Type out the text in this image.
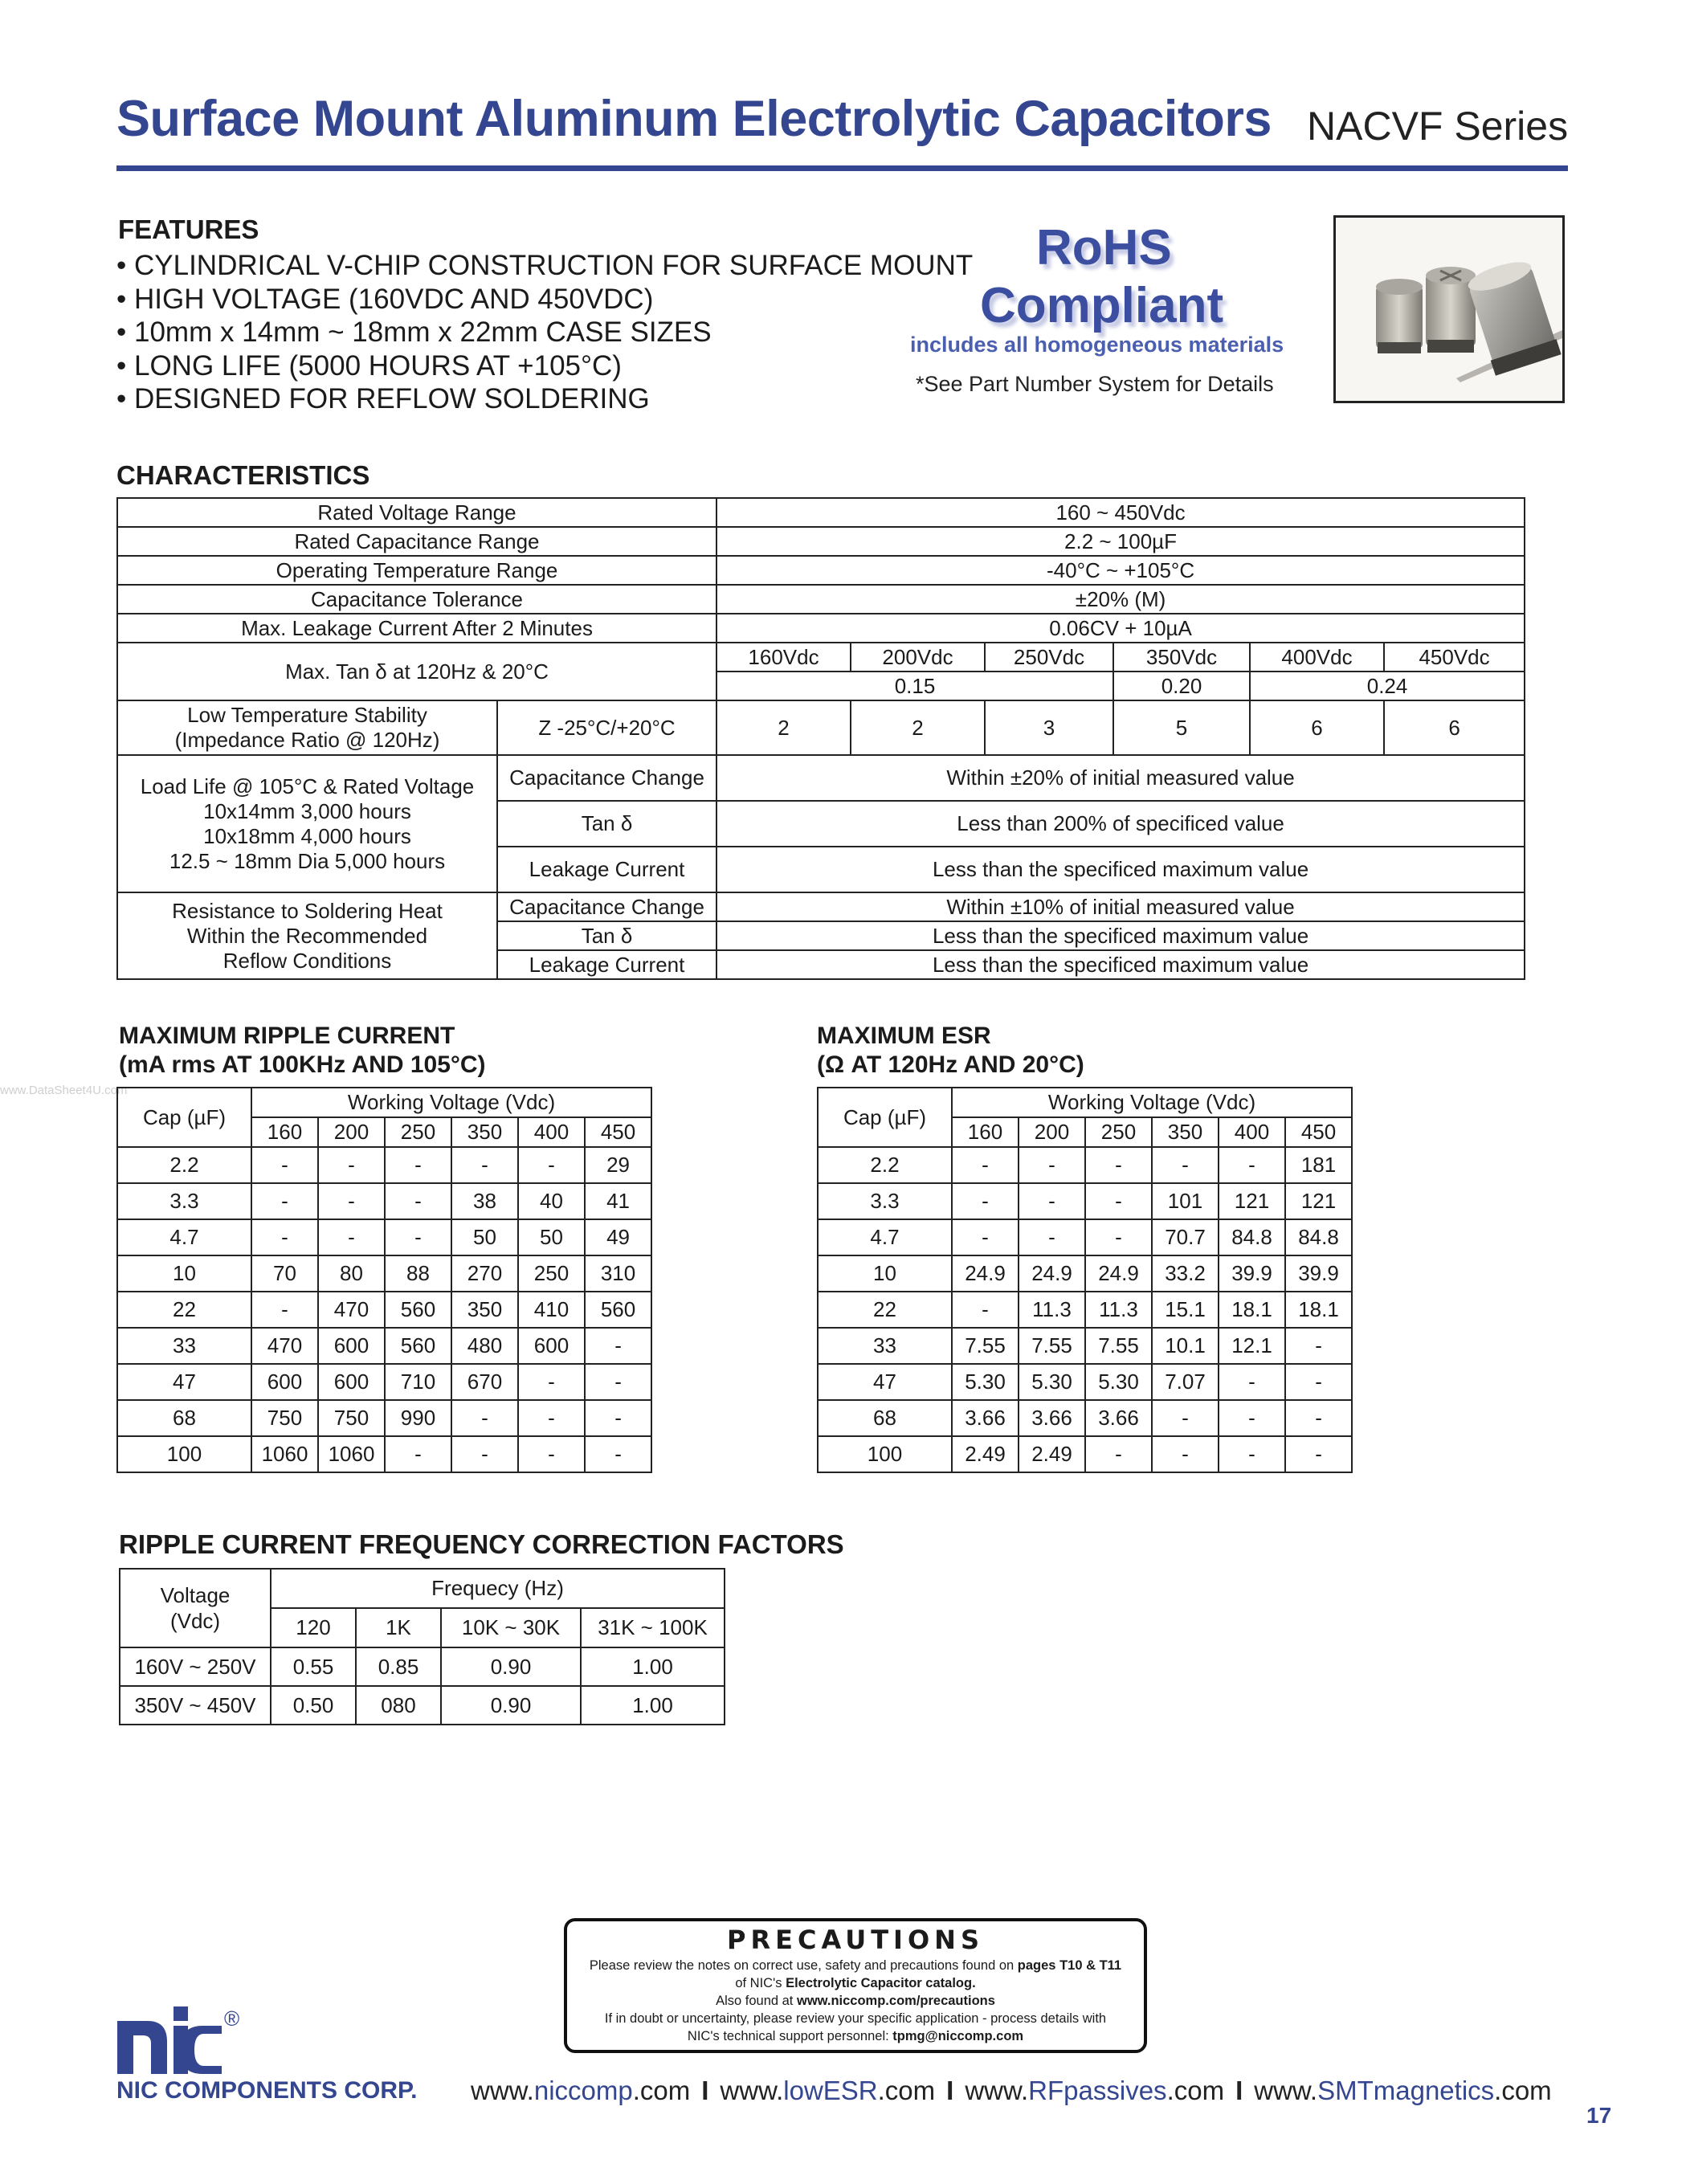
Surface Mount Aluminum Electrolytic Capacitors NACVF Series
FEATURES
• CYLINDRICAL V-CHIP CONSTRUCTION FOR SURFACE MOUNT
• HIGH VOLTAGE (160VDC AND 450VDC)
• 10mm x 14mm ~ 18mm x 22mm CASE SIZES
• LONG LIFE (5000 HOURS AT +105°C)
• DESIGNED FOR REFLOW SOLDERING
RoHS
Compliant
includes all homogeneous materials
*See Part Number System for Details
CHARACTERISTICS
Rated Voltage Range		160 ~ 450Vdc					
Rated Capacitance Range		2.2 ~ 100µF					
Operating Temperature Range		-40°C ~ +105°C					
Capacitance Tolerance		±20% (M)					
Max. Leakage Current After 2 Minutes		0.06CV + 10µA					
Max. Tan δ at 120Hz & 20°C		160Vdc	200Vdc	250Vdc	350Vdc	400Vdc	450Vdc
		0.15			0.20	0.24	

Low Temperature Stability
(Impedance Ratio @ 120Hz)	Z -25°C/+20°C	2	2	3	5	6	6

Load Life @ 105°C & Rated Voltage
10x14mm 3,000 hours
10x18mm 4,000 hours
12.5 ~ 18mm Dia 5,000 hours	Capacitance Change	Within ±20% of initial measured value					
	Tan δ	Less than 200% of specificed value					
	Leakage Current	Less than the specificed maximum value					

Resistance to Soldering Heat
Within the Recommended
Reflow Conditions	Capacitance Change	Within ±10% of initial measured value					
	Tan δ	Less than the specificed maximum value					
	Leakage Current	Less than the specificed maximum value					
www.DataSheet4U.com
MAXIMUM RIPPLE CURRENT
(mA rms AT 100KHz AND 105°C)
Cap (µF)	Working Voltage (Vdc)					
	160	200	250	350	400	450
2.2	-	-	-	-	-	29
3.3	-	-	-	38	40	41
4.7	-	-	-	50	50	49
10	70	80	88	270	250	310
22	-	470	560	350	410	560
33	470	600	560	480	600	-
47	600	600	710	670	-	-
68	750	750	990	-	-	-
100	1060	1060	-	-	-	-
MAXIMUM ESR
(Ω AT 120Hz AND 20°C)
Cap (µF)	Working Voltage (Vdc)					
	160	200	250	350	400	450
2.2	-	-	-	-	-	181
3.3	-	-	-	101	121	121
4.7	-	-	-	70.7	84.8	84.8
10	24.9	24.9	24.9	33.2	39.9	39.9
22	-	11.3	11.3	15.1	18.1	18.1
33	7.55	7.55	7.55	10.1	12.1	-
47	5.30	5.30	5.30	7.07	-	-
68	3.66	3.66	3.66	-	-	-
100	2.49	2.49	-	-	-	-
RIPPLE CURRENT FREQUENCY CORRECTION FACTORS
Voltage
(Vdc)	Frequecy (Hz)			
	120	1K	10K ~ 30K	31K ~ 100K
160V ~ 250V	0.55	0.85	0.90	1.00
350V ~ 450V	0.50	080	0.90	1.00
PRECAUTIONS
Please review the notes on correct use, safety and precautions found on pages T10 & T11
of NIC's Electrolytic Capacitor catalog.
Also found at www.niccomp.com/precautions
If in doubt or uncertainty, please review your specific application - process details with
NIC's technical support personnel: tpmg@niccomp.com
®
NIC COMPONENTS CORP. www.niccomp.com I www.lowESR.com I www.RFpassives.com I www.SMTmagnetics.com
17
